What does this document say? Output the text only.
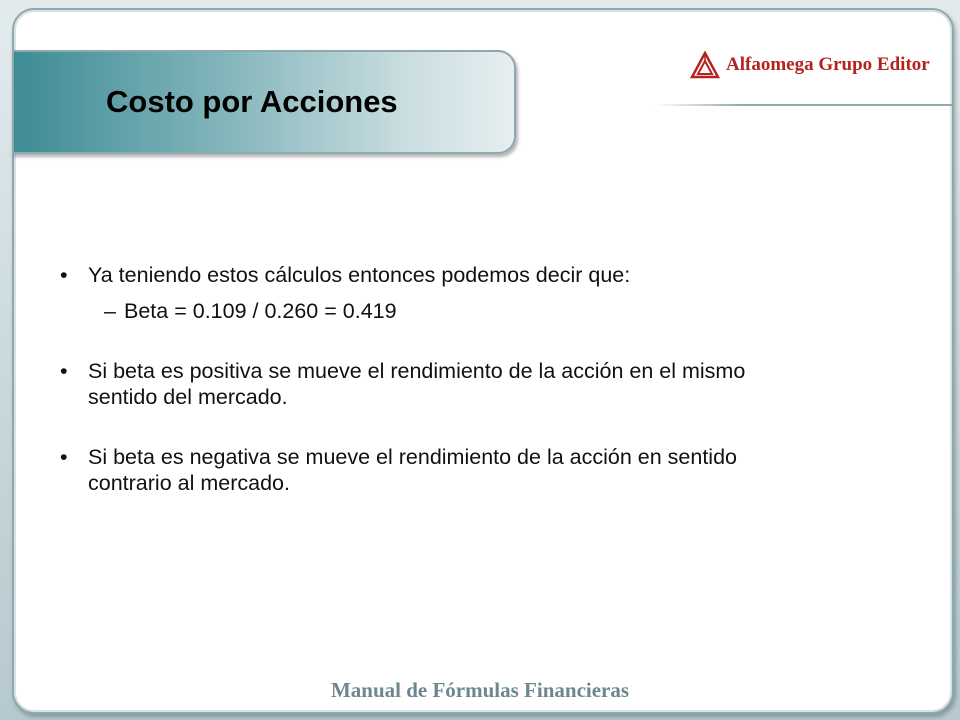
Costo por Acciones
Alfaomega Grupo Editor
• Ya teniendo estos cálculos entonces podemos decir que:
– Beta = 0.109 / 0.260 = 0.419
• Si beta es positiva se mueve el rendimiento de la acción en el mismo
sentido del mercado.
• Si beta es negativa se mueve el rendimiento de la acción en sentido
contrario al mercado.
Manual de Fórmulas Financieras
